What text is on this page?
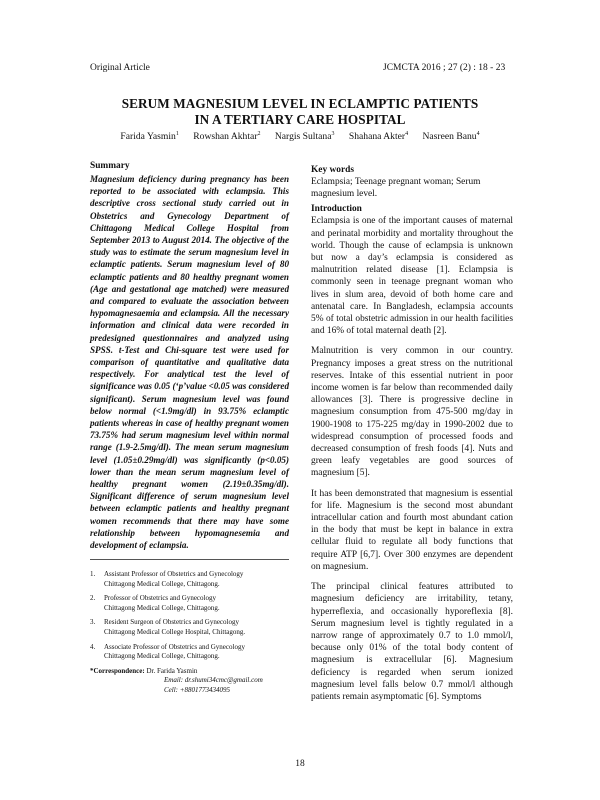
Original Article	JCMCTA 2016 ; 27 (2) : 18 - 23
SERUM MAGNESIUM LEVEL IN ECLAMPTIC PATIENTS
IN A TERTIARY CARE HOSPITAL
Farida Yasmin$^1$ Rowshan Akhtar$^2$ Nargis Sultana$^3$ Shahana Akter$^4$ Nasreen Banu$^4$

Summary

Magnesium deficiency during pregnancy has been reported to be associated with eclampsia. This descriptive cross sectional study carried out in Obstetrics and Gynecology Department of Chittagong Medical College Hospital from September 2013 to August 2014. The objective of the study was to estimate the serum magnesium level in eclamptic patients. Serum magnesium level of 80 eclamptic patients and 80 healthy pregnant women (Age and gestational age matched) were measured and compared to evaluate the association between hypomagnesaemia and eclampsia. All the necessary information and clinical data were recorded in predesigned questionnaires and analyzed using SPSS. t-Test and Chi-square test were used for comparison of quantitative and qualitative data respectively. For analytical test the level of significance was 0.05 (‘p’value <0.05 was considered significant). Serum magnesium level was found below normal (<1.9mg/dl) in 93.75% eclamptic patients whereas in case of healthy pregnant women 73.75% had serum magnesium level within normal range (1.9-2.5mg/dl). The mean serum magnesium level (1.05±0.29mg/dl) was significantly (p<0.05) lower than the mean serum magnesium level of healthy pregnant women (2.19±0.35mg/dl). Significant difference of serum magnesium level between eclamptic patients and healthy pregnant women recommends that there may have some relationship between hypomagnesemia and development of eclampsia.

1.	Assistant Professor of Obstetrics and Gynecology
Chittagong Medical College, Chittagong.
2.	Professor of Obstetrics and Gynecology
Chittagong Medical College, Chittagong.
3.	Resident Surgeon of Obstetrics and Gynecology
Chittagong Medical College Hospital, Chittagong.
4.	Associate Professor of Obstetrics and Gynecology
Chittagong Medical College, Chittagong.
*Correspondence: Dr. Farida Yasmin
Email: dr.shumi34cmc@gmail.com
Cell: +8801773434095

Key words

Eclampsia; Teenage pregnant woman; Serum magnesium level.

Introduction

Eclampsia is one of the important causes of maternal and perinatal morbidity and mortality throughout the world. Though the cause of eclampsia is unknown but now a day’s eclampsia is considered as malnutrition related disease [1]. Eclampsia is commonly seen in teenage pregnant woman who lives in slum area, devoid of both home care and antenatal care. In Bangladesh, eclampsia accounts 5% of total obstetric admission in our health facilities and 16% of total maternal death [2].

Malnutrition is very common in our country. Pregnancy imposes a great stress on the nutritional reserves. Intake of this essential nutrient in poor income women is far below than recommended daily allowances [3]. There is progressive decline in magnesium consumption from 475-500 mg/day in 1900-1908 to 175-225 mg/day in 1990-2002 due to widespread consumption of processed foods and decreased consumption of fresh foods [4]. Nuts and green leafy vegetables are good sources of magnesium [5].

It has been demonstrated that magnesium is essential for life. Magnesium is the second most abundant intracellular cation and fourth most abundant cation in the body that must be kept in balance in extra cellular fluid to regulate all body functions that require ATP [6,7]. Over 300 enzymes are dependent on magnesium.

The principal clinical features attributed to magnesium deficiency are irritability, tetany, hyperreflexia, and occasionally hyporeflexia [8]. Serum magnesium level is tightly regulated in a narrow range of approximately 0.7 to 1.0 mmol/l, because only 01% of the total body content of magnesium is extracellular [6]. Magnesium deficiency is regarded when serum ionized magnesium level falls below 0.7 mmol/l although patients remain asymptomatic [6]. Symptoms

18
